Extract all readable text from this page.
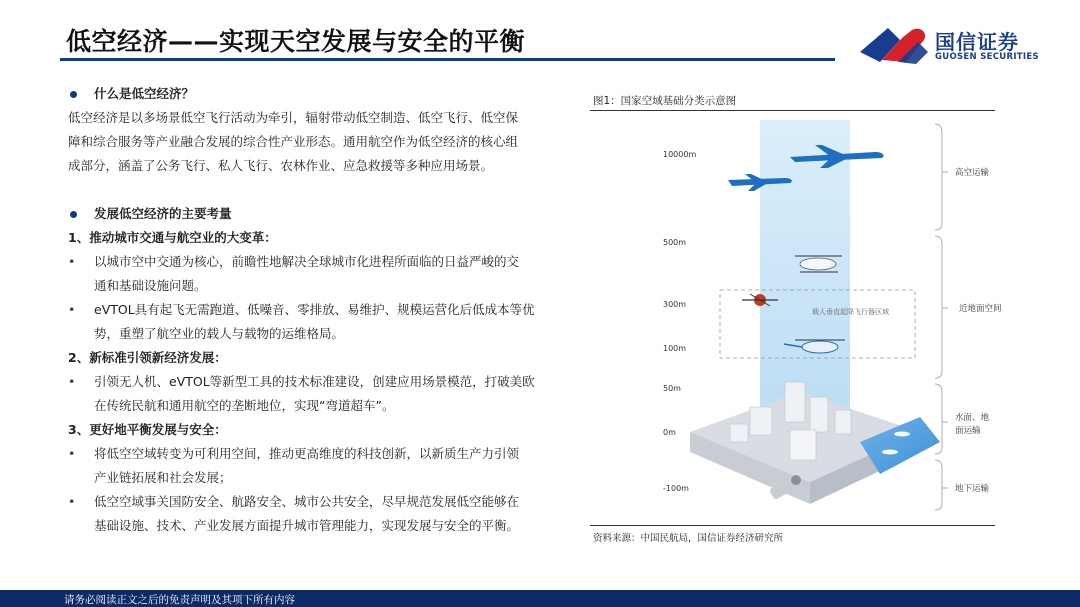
低空经济——实现天空发展与安全的平衡	国信证券
GUOSEN SECURITIES
什么是低空经济？
低空经济是以多场景低空飞行活动为牵引，辐射带动低空制造、低空飞行、低空保
障和综合服务等产业融合发展的综合性产业形态。通用航空作为低空经济的核心组
成部分，涵盖了公务飞行、私人飞行、农林作业、应急救援等多种应用场景。
发展低空经济的主要考量
1、推动城市交通与航空业的大变革：
• 以城市空中交通为核心，前瞻性地解决全球城市化进程所面临的日益严峻的交
通和基础设施问题。
• eVTOL具有起飞无需跑道、低噪音、零排放、易维护、规模运营化后低成本等优
势，重塑了航空业的载人与载物的运维格局。
2、新标准引领新经济发展：
• 引领无人机、eVTOL等新型工具的技术标准建设，创建应用场景模范，打破美欧
在传统民航和通用航空的垄断地位，实现“弯道超车”。
3、更好地平衡发展与安全：
• 将低空空域转变为可利用空间，推动更高维度的科技创新，以新质生产力引领
产业链拓展和社会发展；
• 低空空域事关国防安全、航路安全、城市公共安全，尽早规范发展低空能够在
基础设施、技术、产业发展方面提升城市管理能力，实现发展与安全的平衡。
图1：国家空域基础分类示意图
10000m
500m
300m
100m
50m
0m
-100m
载人垂直起降飞行器区域
高空运输
近地面空间
水面、地
面运输
地下运输
资料来源：中国民航局，国信证券经济研究所
请务必阅读正文之后的免责声明及其项下所有内容
